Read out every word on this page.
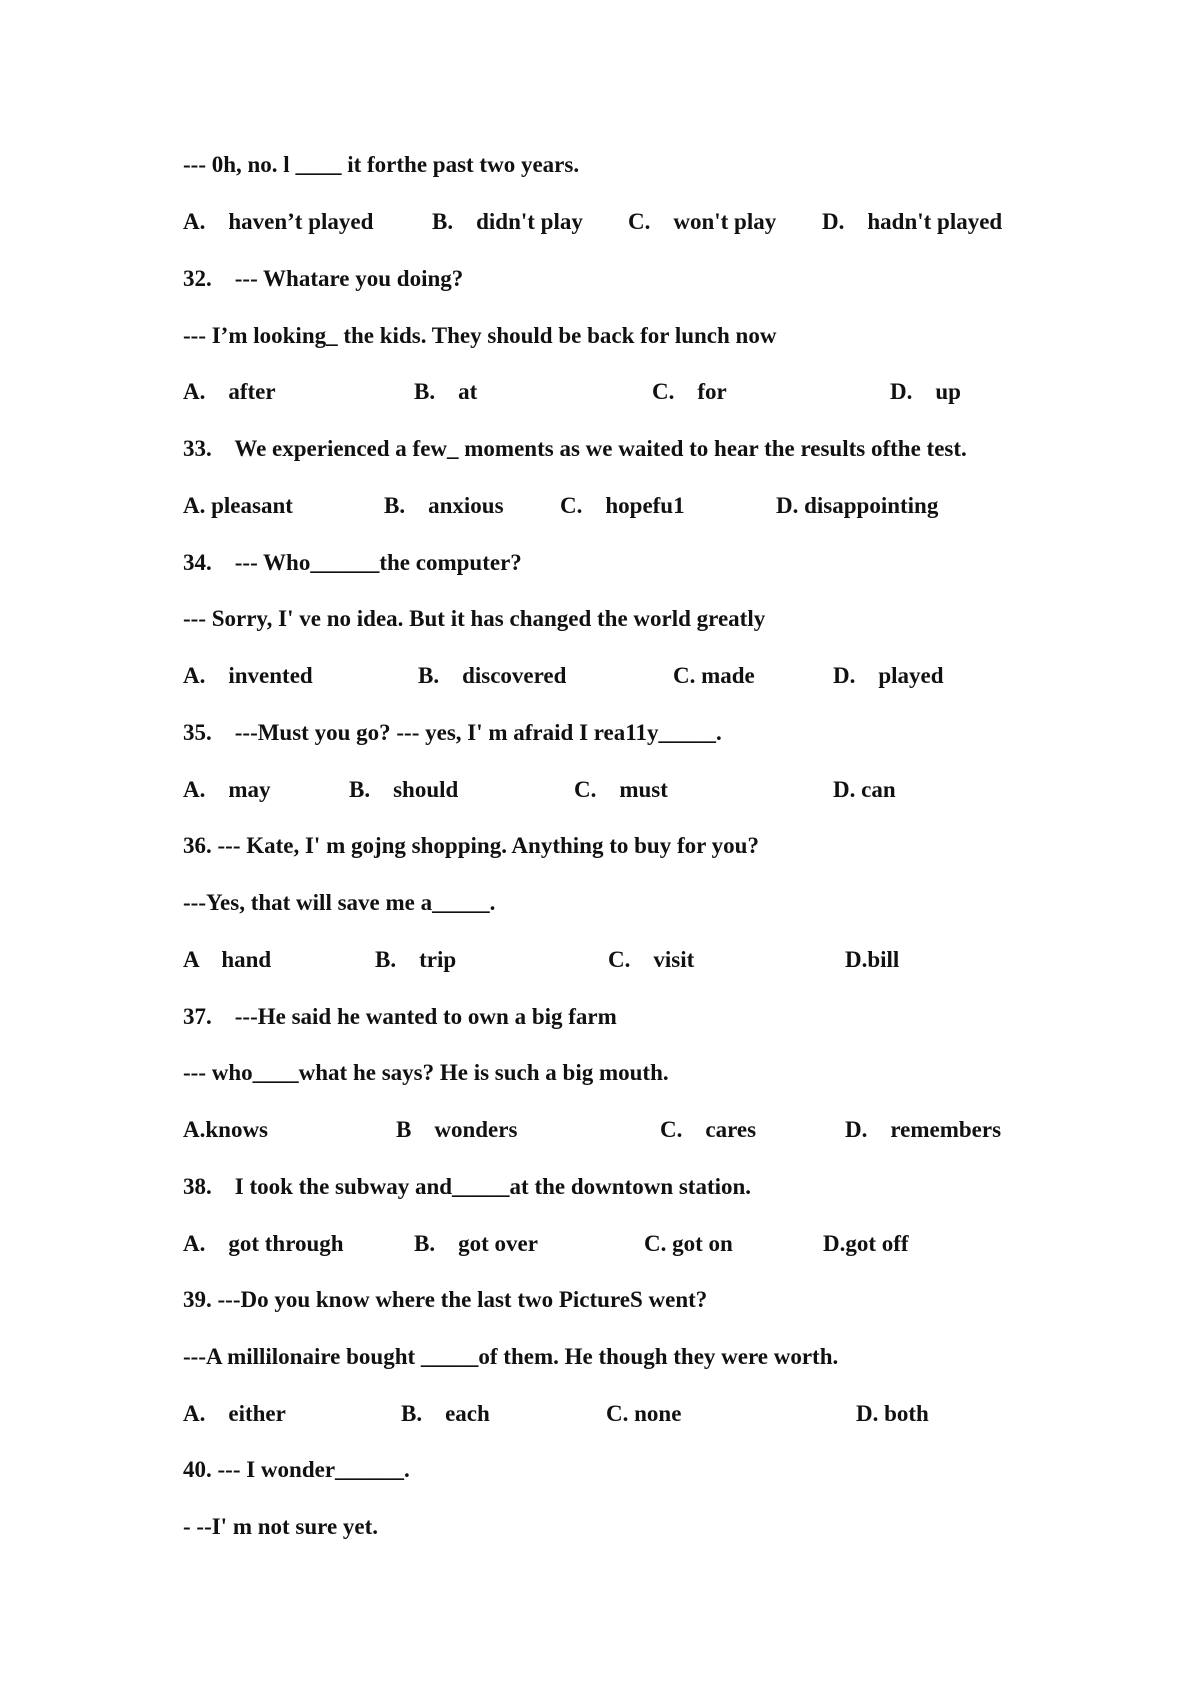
--- 0h, no. l ____ it forthe past two years.
A.    haven’t played	B.    didn't play C.    won't play D.    hadn't played
32.    --- Whatare you doing?
--- I’m looking_ the kids. They should be back for lunch now
A.    after	B.    at	C.    for	D.    up
33.    We experienced a few_ moments as we waited to hear the results ofthe test.
A. pleasant	B.    anxious C.    hopefu1	D. disappointing
34.    --- Who______the computer?
--- Sorry, I' ve no idea. But it has changed the world greatly
A.    invented	B.    discovered	C. made	D.    played
35.    ---Must you go? --- yes, I' m afraid I rea11y_____.
A.    may	B.    should	C.    must	D. can
36. --- Kate, I' m gojng shopping. Anything to buy for you?
---Yes, that will save me a_____.
A    hand	B.    trip	C.    visit	D.bill
37.    ---He said he wanted to own a big farm
--- who____what he says? He is such a big mouth.
A.knows	B    wonders	C.    cares	D.    remembers
38.    I took the subway and_____at the downtown station.
A.    got through	B.    got over	C. got on	D.got off
39. ---Do you know where the last two PictureS went?
---A millilonaire bought _____of them. He though they were worth.
A.    either	B.    each	C. none	D. both
40. --- I wonder______.
- --I' m not sure yet.
